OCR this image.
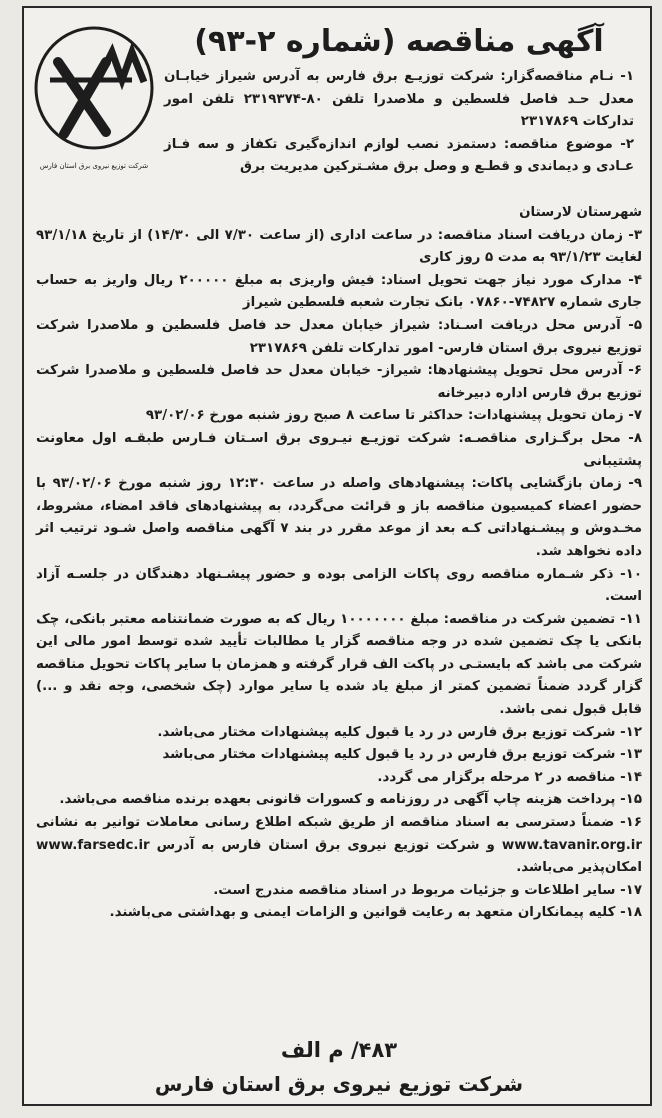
شرکت توزیع نیروی برق استان فارس
آگهی مناقصه (شماره ۲-۹۳)

۱- نـام مناقصه‌گزار: شرکت توزیـع برق فارس به آدرس شیراز خیابـان معدل حـد فاصل فلسطین و ملاصدرا تلفن ۸۰-۲۳۱۹۳۷۴ تلفن امور تدارکات ۲۳۱۷۸۶۹

۲- موضوع مناقصه: دستمزد نصب لوازم اندازه‌گیری تکفاز و سه فـاز عـادی و دیماندی و قطـع و وصل برق مشـترکین مدیریت برق

شهرستان لارستان

۳- زمان دریافت اسناد مناقصه: در ساعت اداری (از ساعت ۷/۳۰ الی ۱۴/۳۰) از تاریخ ۹۳/۱/۱۸ لغایت ۹۳/۱/۲۳ به مدت ۵ روز کاری

۴- مدارک مورد نیاز جهت تحویل اسناد: فیش واریزی به مبلغ ۲۰۰۰۰۰ ریال واریز به حساب جاری شماره ۷۴۸۲۷-۰۷۸۶۰ بانک تجارت شعبه فلسطین شیراز

۵- آدرس محل دریافت اسـناد: شیراز خیابان معدل حد فاصل فلسطین و ملاصدرا شرکت توزیع نیروی برق استان فارس- امور تدارکات تلفن ۲۳۱۷۸۶۹

۶- آدرس محل تحویل پیشنهادها: شیراز- خیابان معدل حد فاصل فلسطین و ملاصدرا شرکت توزیع برق فارس اداره دبیرخانه

۷- زمان تحویل پیشنهادات: حداکثر تا ساعت ۸ صبح روز شنبه مورخ ۹۳/۰۲/۰۶

۸- محل برگـزاری مناقصـه: شرکت توزیـع نیـروی برق اسـتان فـارس طبقـه اول معاونت پشتیبانی

۹- زمان بازگشایی پاکات: پیشنهادهای واصله در ساعت ۱۲:۳۰ روز شنبه مورخ ۹۳/۰۲/۰۶ با حضور اعضاء کمیسیون مناقصه باز و قرائت می‌گردد، به پیشنهادهای فاقد امضاء، مشروط، مخـدوش و پیشـنهاداتی کـه بعد از موعد مقرر در بند ۷ آگهی مناقصه واصل شـود ترتیب اثر داده نخواهد شد.

۱۰- ذکر شـماره مناقصه روی پاکات الزامی بوده و حضور پیشـنهاد دهندگان در جلسـه آزاد است.

۱۱- تضمین شرکت در مناقصه: مبلغ ۱۰۰۰۰۰۰۰ ریال که به صورت ضمانتنامه معتبر بانکی، چک بانکی یا چک تضمین شده در وجه مناقصه گزار یا مطالبات تأیید شده توسط امور مالی این شرکت می باشد که بایستـی در پاکت الف قرار گرفته و همزمان با سایر پاکات تحویل مناقصه گزار گردد ضمناً تضمین کمتر از مبلغ یاد شده یا سایر موارد (چک شخصی، وجه نقد و ...) قابل قبول نمی باشد.

۱۲- شرکت توزیع برق فارس در رد یا قبول کلیه پیشنهادات مختار می‌باشد.

۱۳- شرکت توزیع برق فارس در رد یا قبول کلیه پیشنهادات مختار می‌باشد

۱۴- مناقصه در ۲ مرحله برگزار می گردد.

۱۵- پرداخت هزینه چاپ آگهی در روزنامه و کسورات قانونی بعهده برنده مناقصه می‌باشد.

۱۶- ضمناً دسترسی به اسناد مناقصه از طریق شبکه اطلاع رسانی معاملات توانیر به نشانی www.tavanir.org.ir و شرکت توزیع نیروی برق استان فارس به آدرس www.farsedc.ir امکان‌پذیر می‌باشد.

۱۷- سایر اطلاعات و جزئیات مربوط در اسناد مناقصه مندرج است.

۱۸- کلیه پیمانکاران متعهد به رعایت قوانین و الزامات ایمنی و بهداشتی می‌باشند.

۴۸۳/ م الف
شرکت توزیع نیروی برق استان فارس
